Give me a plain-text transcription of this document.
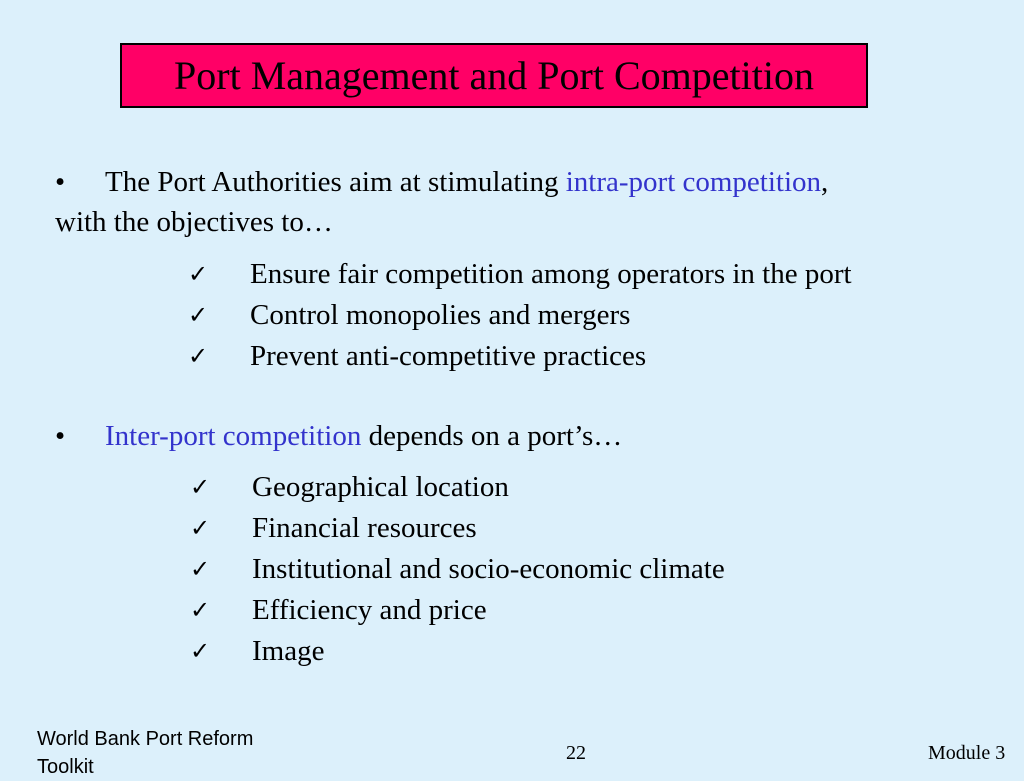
Port Management and Port Competition
•	The Port Authorities aim at stimulating intra-port competition,
with the objectives to…
✓ Ensure fair competition among operators in the port
✓ Control monopolies and mergers
✓ Prevent anti-competitive practices
•	Inter-port competition depends on a port’s…
✓ Geographical location
✓ Financial resources
✓ Institutional and socio-economic climate
✓ Efficiency and price
✓ Image
World Bank Port Reform Toolkit
22	Module 3
